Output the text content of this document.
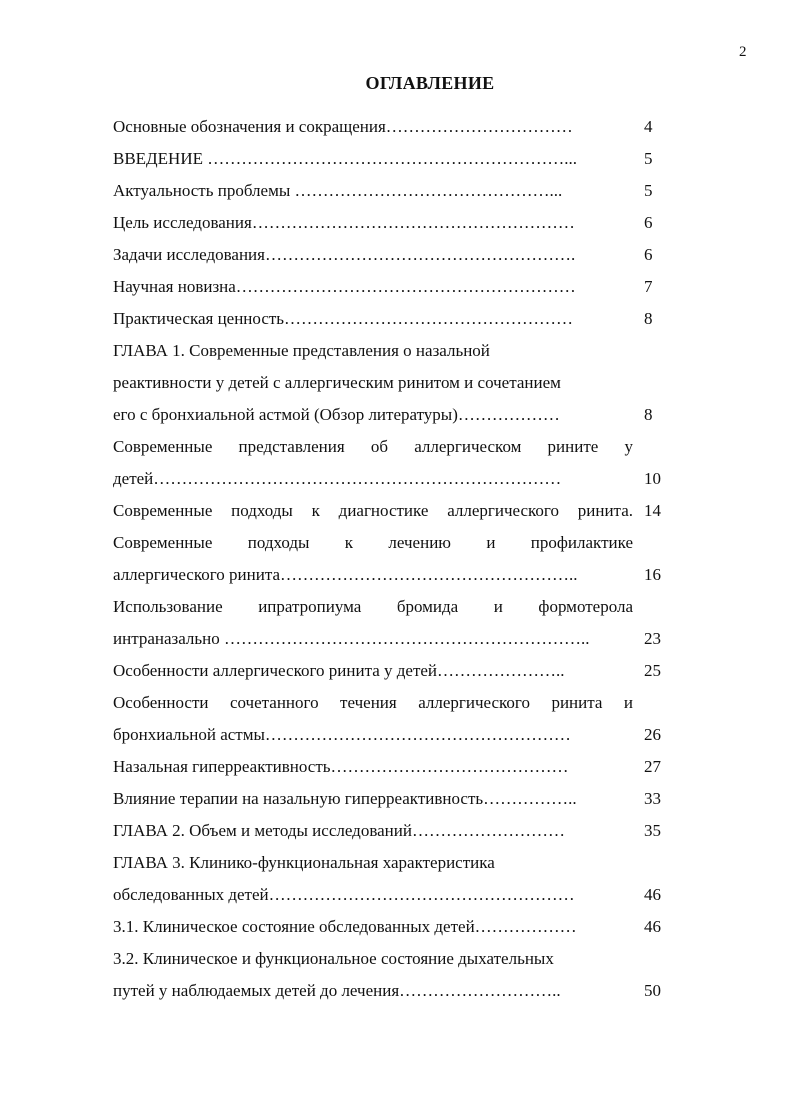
2
ОГЛАВЛЕНИЕ
Основные обозначения и сокращения……………………………	4
ВВЕДЕНИЕ ………………………………………………………...	5
Актуальность проблемы ………………………………………...	5
Цель исследования…………………………………………………	6
Задачи исследования……………………………………………….	6
Научная новизна……………………………………………………	7
Практическая ценность……………………………………………	8
ГЛАВА 1. Современные представления о назальной
реактивности у детей с аллергическим ринитом и сочетанием
его с бронхиальной астмой (Обзор литературы)………………	8
Современные представления об аллергическом рините у
детей………………………………………………………………	10
Современные подходы к диагностике аллергического ринита. 14
Современные подходы к лечению и профилактике
аллергического ринита……………………………………………..	16
Использование ипратропиума бромида и формотерола
интраназально ………………………………………………………..	23
Особенности аллергического ринита у детей…………………..	25
Особенности сочетанного течения аллергического ринита и
бронхиальной астмы………………………………………………	26
Назальная гиперреактивность……………………………………	27
Влияние терапии на назальную гиперреактивность……………..	33
ГЛАВА 2. Объем и методы исследований………………………	35
ГЛАВА 3. Клинико-функциональная характеристика
обследованных детей………………………………………………	46
3.1. Клиническое состояние обследованных детей………………	46
3.2. Клиническое и функциональное состояние дыхательных
путей у наблюдаемых детей до лечения………………………..	50
